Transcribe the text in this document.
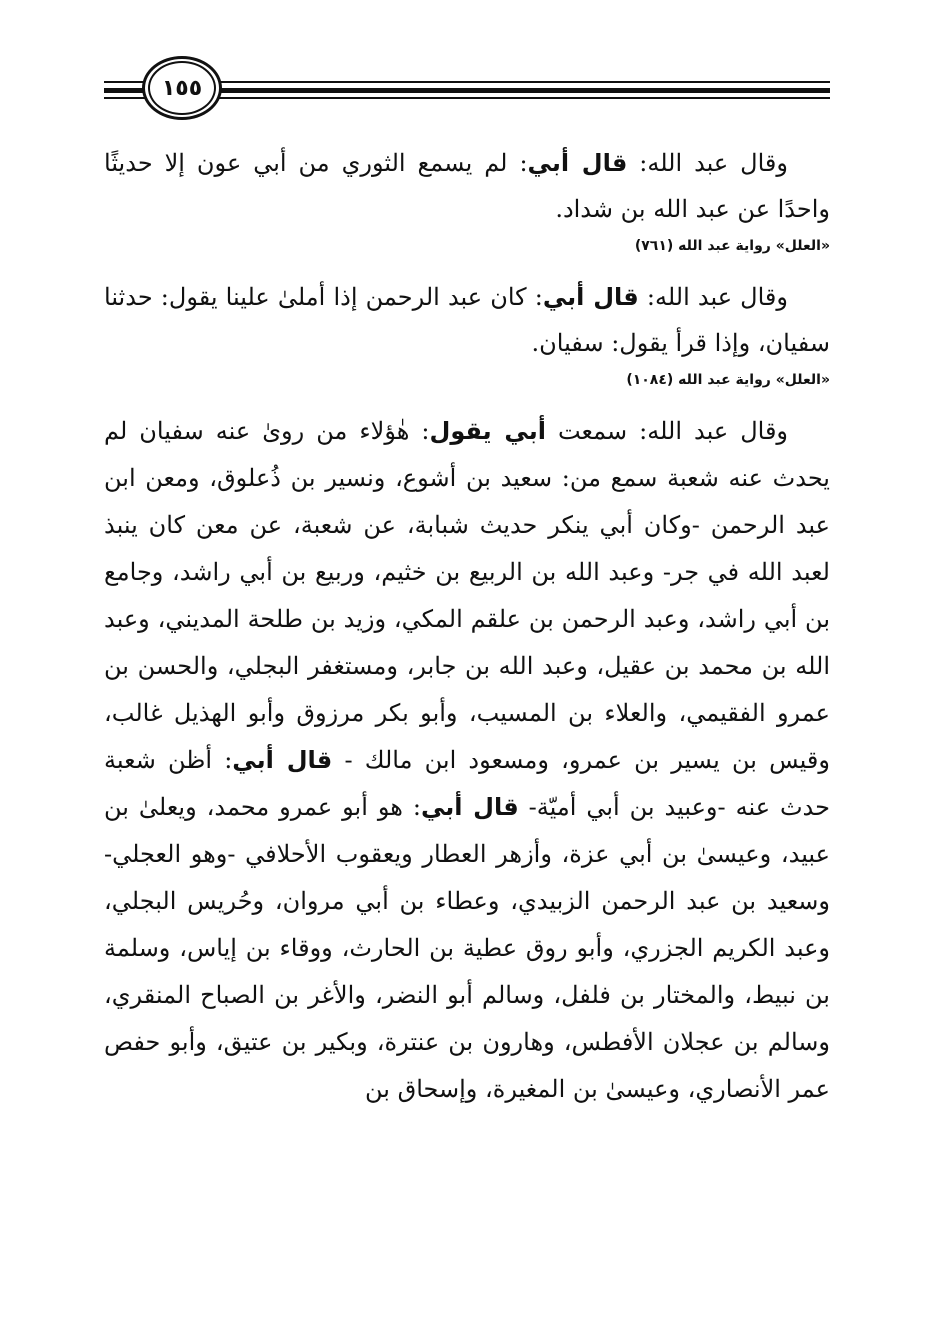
١٥٥

وقال عبد الله: قال أبي: لم يسمع الثوري من أبي عون إلا حديثًا واحدًا عن عبد الله بن شداد.

«العلل» رواية عبد الله (٧٦١)

وقال عبد الله: قال أبي: كان عبد الرحمن إذا أملىٰ علينا يقول: حدثنا سفيان، وإذا قرأ يقول: سفيان.

«العلل» رواية عبد الله (١٠٨٤)

وقال عبد الله: سمعت أبي يقول: هٰؤلاء من روىٰ عنه سفيان لم يحدث عنه شعبة سمع من: سعيد بن أشوع، ونسير بن ذُعلوق، ومعن ابن عبد الرحمن -وكان أبي ينكر حديث شبابة، عن شعبة، عن معن كان ينبذ لعبد الله في جر- وعبد الله بن الربيع بن خثيم، وربيع بن أبي راشد، وجامع بن أبي راشد، وعبد الرحمن بن علقم المكي، وزيد بن طلحة المديني، وعبد الله بن محمد بن عقيل، وعبد الله بن جابر، ومستغفر البجلي، والحسن بن عمرو الفقيمي، والعلاء بن المسيب، وأبو بكر مرزوق وأبو الهذيل غالب، وقيس بن يسير بن عمرو، ومسعود ابن مالك - قال أبي: أظن شعبة حدث عنه -وعبيد بن أبي أميّة- قال أبي: هو أبو عمرو محمد، ويعلىٰ بن عبيد، وعيسىٰ بن أبي عزة، وأزهر العطار ويعقوب الأحلافي -وهو العجلي- وسعيد بن عبد الرحمن الزبيدي، وعطاء بن أبي مروان، وحُريس البجلي، وعبد الكريم الجزري، وأبو روق عطية بن الحارث، ووقاء بن إياس، وسلمة بن نبيط، والمختار بن فلفل، وسالم أبو النضر، والأغر بن الصباح المنقري، وسالم بن عجلان الأفطس، وهارون بن عنترة، وبكير بن عتيق، وأبو حفص عمر الأنصاري، وعيسىٰ بن المغيرة، وإسحاق بن
